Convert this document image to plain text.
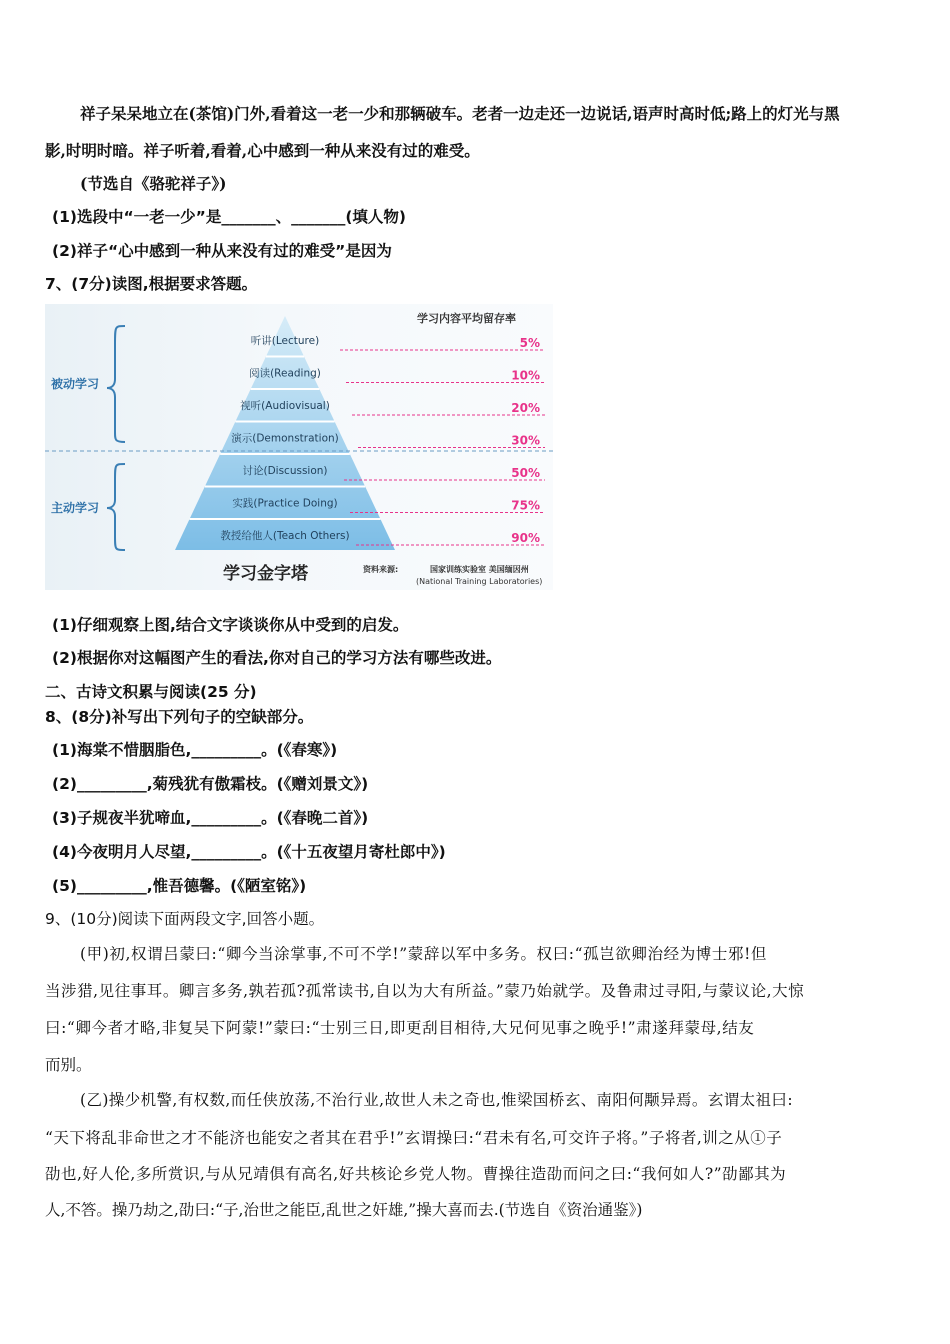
祥子呆呆地立在(茶馆)门外,看着这一老一少和那辆破车。老者一边走还一边说话,语声时高时低;路上的灯光与黑
影,时明时暗。祥子听着,看着,心中感到一种从来没有过的难受。
(节选自《骆驼祥子》)
(1)选段中“一老一少”是_______、_______(填人物)
(2)祥子“心中感到一种从来没有过的难受”是因为
7、(7分)读图,根据要求答题。
被动学习
主动学习
学习内容平均留存率
听讲(Lecture)	5%
阅读(Reading)	10%
视听(Audiovisual)	20%
演示(Demonstration)	30%
讨论(Discussion)	50%
实践(Practice Doing)	75%
教授给他人(Teach Others)	90%
学习金字塔	资料来源:	国家训练实验室 美国缅因州
(National Training Laboratories)
(1)仔细观察上图,结合文字谈谈你从中受到的启发。
(2)根据你对这幅图产生的看法,你对自己的学习方法有哪些改进。
二、古诗文积累与阅读(25 分)
8、(8分)补写出下列句子的空缺部分。
(1)海棠不惜胭脂色,_________。(《春寒》)
(2)_________,菊残犹有傲霜枝。(《赠刘景文》)
(3)子规夜半犹啼血,_________。(《春晚二首》)
(4)今夜明月人尽望,_________。(《十五夜望月寄杜郎中》)
(5)_________,惟吾德馨。(《陋室铭》)
9、(10分)阅读下面两段文字,回答小题。
(甲)初,权谓吕蒙曰:“卿今当涂掌事,不可不学!”蒙辞以军中多务。权曰:“孤岂欲卿治经为博士邪!但
当涉猎,见往事耳。卿言多务,孰若孤?孤常读书,自以为大有所益。”蒙乃始就学。及鲁肃过寻阳,与蒙议论,大惊
曰:“卿今者才略,非复吴下阿蒙!”蒙曰:“士别三日,即更刮目相待,大兄何见事之晚乎!”肃遂拜蒙母,结友
而别。
(乙)操少机警,有权数,而任侠放荡,不治行业,故世人未之奇也,惟梁国桥玄、南阳何颙异焉。玄谓太祖曰:
“天下将乱非命世之才不能济也能安之者其在君乎!”玄谓操曰:“君未有名,可交许子将。”子将者,训之从①子
劭也,好人伦,多所赏识,与从兄靖俱有高名,好共核论乡党人物。曹操往造劭而问之曰:“我何如人?”劭鄙其为
人,不答。操乃劫之,劭曰:“子,治世之能臣,乱世之奸雄,”操大喜而去.(节选自《资治通鉴》)
